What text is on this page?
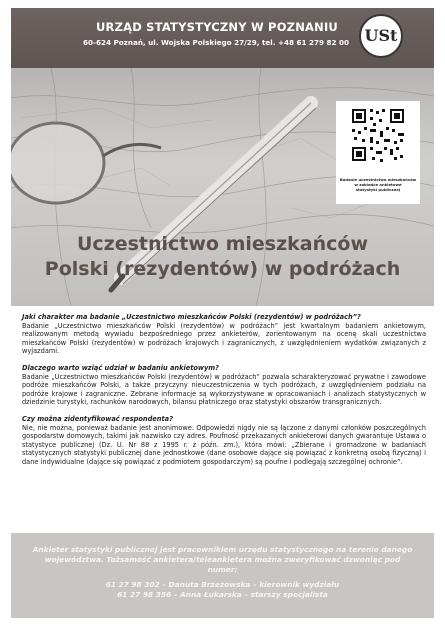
URZĄD STATYSTYCZNY W POZNANIU
60-624 Poznań, ul. Wojska Polskiego 27/29, tel. +48 61 279 82 00 USt
Badanie uczestnictwa mieszkańców
w zakładce ankietowe
statystyki publicznej
Uczestnictwo mieszkańców
Polski (rezydentów) w podróżach

Jaki charakter ma badanie „Uczestnictwo mieszkańców Polski (rezydentów) w podróżach”?

Badanie „Uczestnictwo mieszkańców Polski (rezydentów) w podróżach” jest kwartalnym badaniem ankietowym, realizowanym metodą wywiadu bezpośredniego przez ankieterów, zorientowanym na ocenę skali uczestnictwa mieszkańców Polski (rezydentów) w podróżach krajowych i zagranicznych, z uwzględnieniem wydatków związanych z wyjazdami.

Dlaczego warto wziąć udział w badaniu ankietowym?

Badanie „Uczestnictwo mieszkańców Polski (rezydentów) w podróżach” pozwala scharakteryzować prywatne i zawodowe podróże mieszkańców Polski, a także przyczyny nieuczestniczenia w tych podróżach, z uwzględnieniem podziału na podróże krajowe i zagraniczne. Zebrane informacje są wykorzystywane w opracowaniach i analizach statystycznych w dziedzinie turystyki, rachunków narodowych, bilansu płatniczego oraz statystyki obszarów transgranicznych.

Czy można zidentyfikować respondenta?

Nie, nie można, ponieważ badanie jest anonimowe. Odpowiedzi nigdy nie są łączone z danymi członków poszczególnych gospodarstw domowych, takimi jak nazwisko czy adres. Poufność przekazanych ankieterowi danych gwarantuje Ustawa o statystyce publicznej (Dz. U. Nr 88 z 1995 r. z późn. zm.), która mówi: „Zbierane i gromadzone w badaniach statystycznych statystyki publicznej dane jednostkowe (dane osobowe dające się powiązać z konkretną osobą fizyczną) i dane indywidualne (dające się powiązać z podmiotem gospodarczym) są poufne i podlegają szczególnej ochronie”.

Ankieter statystyki publicznej jest pracownikiem urzędu statystycznego na terenie danego
województwa. Tożsamość ankietera/teleankietera można zweryfikować dzwoniąc pod numer:
61 27 98 302 – Danuta Brzezowska – kierownik wydziału
61 27 98 356 – Anna Łukarska – starszy specjalista
